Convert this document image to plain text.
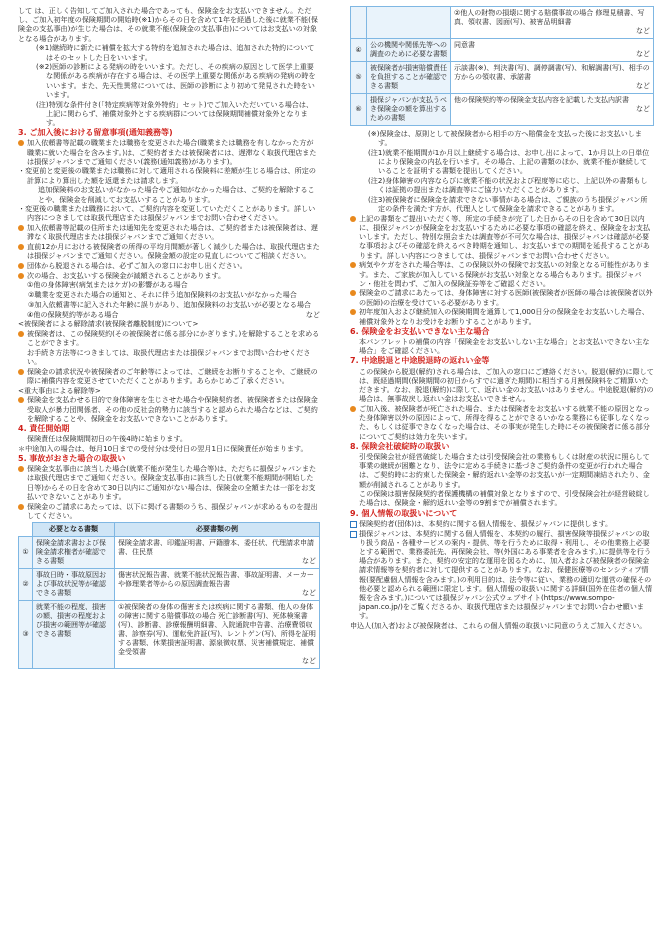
して は、正しく告知してご加入された場合であっても、保険金をお支払いできません。ただし、ご加入初年度の保険期間の開始時(※1)からその日を含めて1年を経過した後に就業不能(保険金の支払事由)が生じた場合は、その就業不能(保険金の支払事由)についてはお支払いの対象となる場合があります。

(※1)継続時に新たに補償を拡大する特約を追加された場合は、追加された特約についてはそのセットした日をいいます。

(※2)医師の診断による発病の時をいいます。ただし、その疾病の原因として医学上重要な関係がある疾病が存在する場合は、その医学上重要な関係がある疾病の発病の時をいいます。また、先天性異常については、医師の診断により初めて発見された時をいいます。

(注)特別な条件付き(「特定疾病等対象外特約」セット)でご加入いただいている場合は、上記に関わらず、補償対象外とする疾病群については保険期間補償対象外となります。

3. ご加入後における留意事項(通知義務等)

加入依頼書等記載の職業または職務を変更された場合(職業または職務を有しなかった方が職業に就いた場合を含みます。)は、ご契約者または被保険者には、遅滞なく取扱代理店または損保ジャパンまでご通知ください(義務(通知義務)があります)。

・変更前と変更後の職業または職務に対して適用される保険料に差額が生じる場合は、所定の計算により算出した額を返還または請求します。

追加保険料のお支払いがなかった場合やご通知がなかった場合は、ご契約を解除することや、保険金を削減してお支払いすることがあります。

・変更後の職業または職務において、ご契約内容を変更していただくことがあります。詳しい内容につきましては取扱代理店または損保ジャパンまでお問い合わせください。

加入依頼書等記載の住所または通知先を変更された場合は、ご契約者または被保険者は、遅滞なく取扱代理店または損保ジャパンまでご通知ください。

直前12か月における被保険者の所得の平均月間額が著しく減少した場合は、取扱代理店または損保ジャパンまでご通知ください。保険金額の設定の見直しについてご相談ください。

団体から脱退される場合は、必ずご加入の窓口にお申し出ください。

次の場合、お支払いする保険金が減額されることがあります。

①他の身体障害(病気またはケガ)の影響がある場合

②職業を変更された場合の通知と、それに伴う追加保険料のお支払いがなかった場合

③加入依頼書等に記入された年齢に誤りがあり、追加保険料のお支払いが必要となる場合

④他の保険契約等がある場合	など

<被保険者による解除請求(被保険者離脱制度)について>

被保険者は、この保険契約(その被保険者に係る部分にかぎります。)を解除することを求めることができます。

お手続き方法等につきましては、取扱代理店または損保ジャパンまでお問い合わせください。

保険金の請求状況や被保険者のご年齢等によっては、ご継続をお断りすることや、ご継続の際に補償内容を変更させていただくことがあります。あらかじめご了承ください。

<重大事由による解除等>

保険金を支払わせる目的で身体障害を生じさせた場合や保険契約者、被保険者または保険金受取人が暴力団関係者、その他の反社会的勢力に該当すると認められた場合などは、ご契約を解除することや、保険金をお支払いできないことがあります。

4. 責任開始期

保険責任は保険期間初日の午後4時に始まります。

＊中途加入の場合は、毎月10日までの受付分は受付日の翌月1日に保険責任が始まります。

5. 事故がおきた場合の取扱い

保険金支払事由に該当した場合(就業不能が発生した場合等)は、ただちに損保ジャパンまたは取扱代理店までご通知ください。保険金支払事由に該当した日(就業不能期間が開始した日等)からその日を含めて30日以内にご通知がない場合は、保険金の全額または一部をお支払いできないことがあります。

保険金のご請求にあたっては、以下に掲げる書類のうち、損保ジャパンが求めるものを提出してください。

	必要となる書類	必要書類の例
①	保険金請求書および保険金請求権者が確認できる書類	保険金請求書、印鑑証明書、戸籍謄本、委任状、代理請求申請書、住民票
など

②	事故日時・事故原因および事故状況等が確認できる書類	傷害状況報告書、就業不能状況報告書、事故証明書、メーカーや修理業者等からの原因調査報告書
など

③	就業不能の程度、損害の額、損害の程度および損害の範囲等が確認できる書類	①被保険者の身体の傷害または疾病に関する書類、他人の身体の障害に関する賠償事故の場合 死亡診断書(写)、死体検案書(写)、診断書、診療報酬明細書、入院通院申告書、治療費領収書、診察券(写)、運転免許証(写)、レントゲン(写)、所得を証明する書類、休業損害証明書、源泉徴収票、災害補償規定、補償金受領書
など

		②他人の財物の損壊に関する賠償事故の場合 修理見積書、写真、領収書、図面(写)、被害品明細書
など

④	公の機関や関係先等への調査のために必要な書類	同意書
など

⑤	被保険者が損害賠償責任を負担することが確認できる書類	示談書(※)、判決書(写)、調停調書(写)、和解調書(写)、相手の方からの領収書、承諾書
など

⑥	損保ジャパンが支払うべき保険金の額を算出するための書類	他の保険契約等の保険金支払内容を記載した支払内訳書
など

(※)保険金は、原則として被保険者から相手の方へ賠償金を支払った後にお支払いします。

(注1)就業不能期間が1か月以上継続する場合は、お申し出によって、1か月以上の日単位により保険金の内払を行います。その場合、上記の書類のほか、就業不能が継続していることを証明する書類を提出してください。

(注2)身体障害の内容ならびに就業不能の状況および程度等に応じ、上記以外の書類もしくは証拠の提出または調査等にご協力いただくことがあります。

(注3)被保険者に保険金を請求できない事情がある場合は、ご親族のうち損保ジャパン所定の条件を満たす方が、代理人として保険金を請求できることがあります。

上記の書類をご提出いただく等、所定の手続きが完了した日からその日を含めて30日以内に、損保ジャパンが保険金をお支払いするために必要な事項の確認を終え、保険金をお支払いします。ただし、特別な照会または調査等が不可欠な場合は、損保ジャパンは確認が必要な事項およびその確認を終えるべき時期を通知し、お支払いまでの期間を延長することがあります。詳しい内容につきましては、損保ジャパンまでお問い合わせください。

病気やケガをされた場合等は、この保険以外の保険でお支払いの対象となる可能性があります。また、ご家族が加入している保険がお支払い対象となる場合もあります。損保ジャパン・他社を問わず、ご加入の保険証券等をご確認ください。

保険金のご請求にあたっては、身体障害に対する医師(被保険者が医師の場合は被保険者以外の医師)の治療を受けている必要があります。

初年度加入および継続加入の保険期間を通算して1,000日分の保険金をお支払いした場合、補償対象外となりお受けをお断りすることがあります。

6. 保険金をお支払いできない主な場合

本パンフレットの補償の内容「保険金をお支払いしない主な場合」とお支払いできない主な場合」をご確認ください。

7. 中途脱退と中途脱退時の返れい金等

この保険から脱退(解約)される場合は、ご加入の窓口にご連絡ください。脱退(解約)に際しては、既経過期間(保険期間の初日からすでに過ぎた期間)に相当する月割保険料をご精算いただきます。なお、脱退(解約)に際して、返れい金のお支払いはありません。中途脱退(解約)の場合は、無事故戻し返れい金はお支払いできません。

ご加入後、被保険者が死亡された場合、または保険者をお支払いする就業不能の原因となった身体障害以外の原因によって、所得を得ることができるいかなる業務にも従事しなくなった、もしくは従事できなくなった場合は、その事実が発生した時にその被保険者に係る部分についてご契約は効力を失います。

8. 保険会社破綻時の取扱い

引受保険会社が経営破綻した場合または引受保険会社の業務もしくは財産の状況に照らして事業の継続が困難となり、法令に定める手続きに基づきご契約条件の変更が行われた場合は、ご契約時にお約束した保険金・解約返れい金等のお支払いが一定期間凍結されたり、金額が削減されることがあります。

この保険は損害保険契約者保護機構の補償対象となりますので、引受保険会社が経営破綻した場合は、保険金・解約返れい金等の9割までが補償されます。

9. 個人情報の取扱いについて

保険契約者(団体)は、本契約に関する個人情報を、損保ジャパンに提供します。

損保ジャパンは、本契約に関する個人情報を、本契約の履行、損害保険等損保ジャパンの取り扱う商品・各種サービスの案内・提供、等を行うために取得・利用し、その他業務上必要とする範囲で、業務委託先、再保険会社、等(外国にある事業者を含みます。)に提供等を行う場合があります。また、契約の安定的な運用を図るために、加入者および被保険者の保険金請求情報等を契約者に対して提供することがあります。なお、保健医療等のセンシティブ情報(要配慮個人情報を含みます。)の利用目的は、法令等に従い、業務の適切な運営の確保その他必要と認められる範囲に限定します。個人情報の取扱いに関する詳細(国外在住者の個人情報を含みます。)については損保ジャパン公式ウェブサイト(https://www.sompo-japan.co.jp/)をご覧くださるか、取扱代理店または損保ジャパンまでお問い合わせ願います。

申込人(加入者)および被保険者は、これらの個人情報の取扱いに同意のうえご加入ください。
